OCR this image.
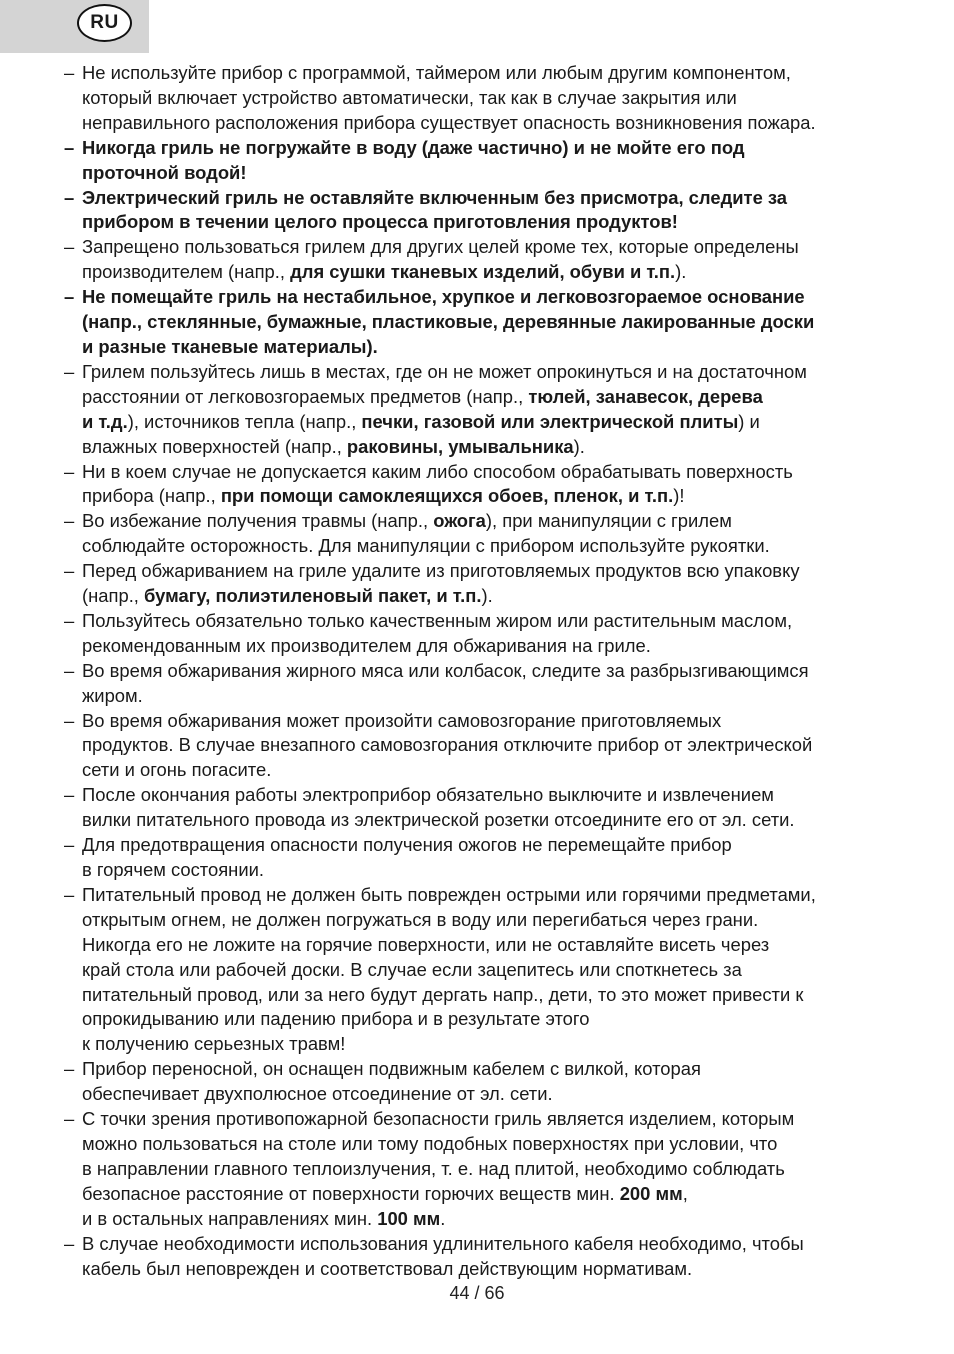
RU
– Не используйте прибор с программой, таймером или любым другим компонентом,
который включает устройство автоматически, так как в случае закрытия или
неправильного расположения прибора существует опасность возникновения пожара.
– Никогда гриль не погружайте в воду (даже частично) и не мойте его под
проточной водой!
– Электрический гриль не оставляйте включенным без присмотра, следите за
прибором в течении целого процесса приготовления продуктов!
– Запрещено пользоваться грилем для других целей кроме тех, которые определены
производителем (напр., для сушки тканевых изделий, обуви и т.п.).
– Не помещайте гриль на нестабильное, хрупкое и легковозгораемое основание
(напр., стеклянные, бумажные, пластиковые, деревянные лакированные доски
и разные тканевые материалы).
– Грилем пользуйтесь лишь в местах, где он не может опрокинуться и на достаточном
расстоянии от легковозгораемых предметов (напр., тюлей, занавесок, дерева
и т.д.), источников тепла (напр., печки, газовой или электрической плиты) и
влажных поверхностей (напр., раковины, умывальника).
– Ни в коем случае не допускается каким либо способом обрабатывать поверхность
прибора (напр., при помощи самоклеящихся обоев, пленок, и т.п.)!
– Во избежание получения травмы (напр., ожога), при манипуляции с грилем
соблюдайте осторожность. Для манипуляции с прибором используйте рукоятки.
– Перед обжариванием на гриле удалите из приготовляемых продуктов всю упаковку
(напр., бумагу, полиэтиленовый пакет, и т.п.).
– Пользуйтесь обязательно только качественным жиром или растительным маслом,
рекомендованным их производителем для обжаривания на гриле.
– Во время обжаривания жирного мяса или колбасок, следите за разбрызгивающимся
жиром.
– Во время обжаривания может произойти самовозгорание приготовляемых
продуктов. В случае внезапного самовозгорания отключите прибор от электрической
сети и огонь погасите.
– После окончания работы электроприбор обязательно выключите и извлечением
вилки питательного провода из электрической розетки отсоедините его от эл. сети.
– Для предотвращения опасности получения ожогов не перемещайте прибор
в горячем состоянии.
– Питательный провод не должен быть поврежден острыми или горячими предметами,
открытым огнем, не должен погружаться в воду или перегибаться через грани.
Никогда его не ложите на горячие поверхности, или не оставляйте висеть через
край стола или рабочей доски. В случае если зацепитесь или споткнетесь за
питательный провод, или за него будут дергать напр., дети, то это может привести к
опрокидыванию или падению прибора и в результате этого
к получению серьезных травм!
– Прибор переносной, он оснащен подвижным кабелем с вилкой, которая
обеспечивает двухполюсное отсоединение от эл. сети.
– С точки зрения противопожарной безопасности гриль является изделием, которым
можно пользоваться на столе или тому подобных поверхностях при условии, что
в направлении главного теплоизлучения, т. е. над плитой, необходимо соблюдать
безопасное расстояние от поверхности горючих веществ мин. 200 мм,
и в остальных направлениях мин. 100 мм.
– В случае необходимости использования удлинительного кабеля необходимо, чтобы
кабель был неповрежден и соответствовал действующим нормативам.
44 / 66
